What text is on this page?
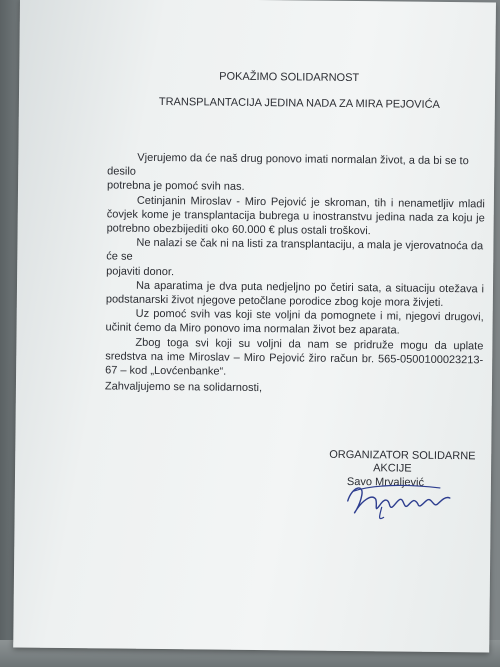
POKAŽIMO SOLIDARNOST

TRANSPLANTACIJA JEDINA NADA ZA MIRA PEJOVIĆA

Vjerujemo da će naš drug ponovo imati normalan život, a da bi se to desilo
potrebna je pomoć svih nas.

Cetinjanin Miroslav - Miro Pejović je skroman, tih i nenametljiv mladi čovjek kome je transplantacija bubrega u inostranstvu jedina nada za koju je potrebno obezbijediti oko 60.000 € plus ostali troškovi.

Ne nalazi se čak ni na listi za transplantaciju, a mala je vjerovatnoća da će se
pojaviti donor.

Na aparatima je dva puta nedjeljno po četiri sata, a situaciju otežava i podstanarski život njegove petočlane porodice zbog koje mora živjeti.

Uz pomoć svih vas koji ste voljni da pomognete i mi, njegovi drugovi, učinit ćemo da Miro ponovo ima normalan život bez aparata.

Zbog toga svi koji su voljni da nam se pridruže mogu da uplate sredstva na ime Miroslav – Miro Pejović žiro račun br. 565-0500100023213-67 – kod „Lovćenbanke“.

Zahvaljujemo se na solidarnosti,

ORGANIZATOR SOLIDARNE

AKCIJE

Savo Mrvaljević
